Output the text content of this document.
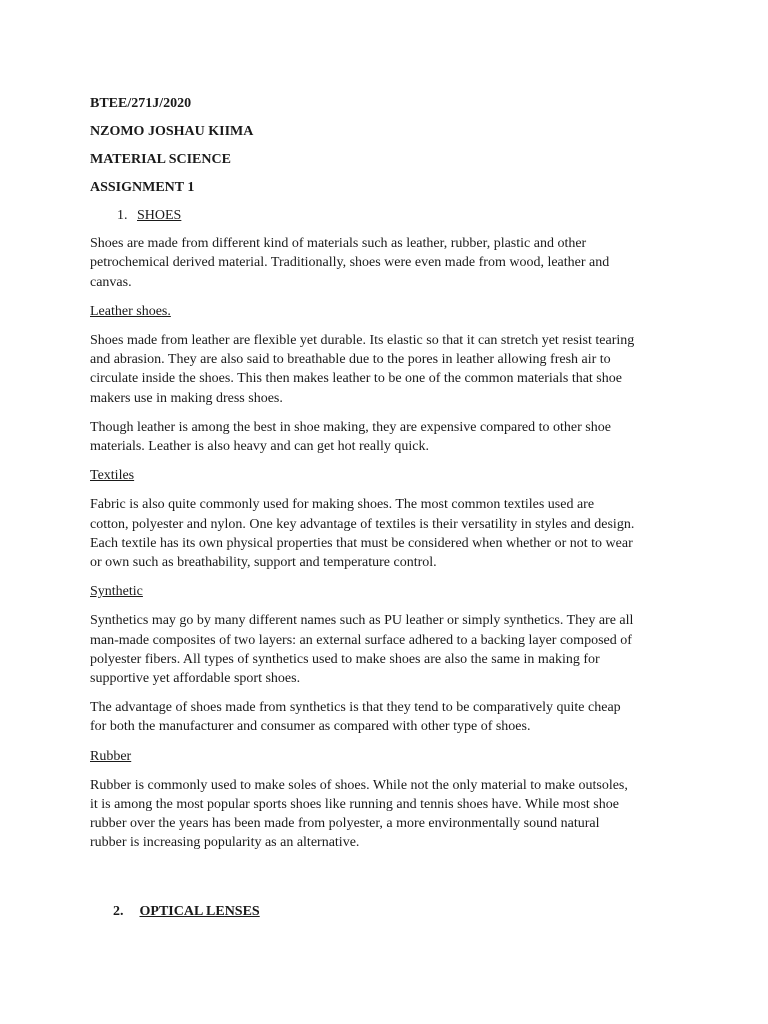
BTEE/271J/2020
NZOMO JOSHAU KIIMA
MATERIAL SCIENCE
ASSIGNMENT 1
1. SHOES

Shoes are made from different kind of materials such as leather, rubber, plastic and other
petrochemical derived material. Traditionally, shoes were even made from wood, leather and
canvas.

Leather shoes.

Shoes made from leather are flexible yet durable. Its elastic so that it can stretch yet resist tearing
and abrasion. They are also said to breathable due to the pores in leather allowing fresh air to
circulate inside the shoes. This then makes leather to be one of the common materials that shoe
makers use in making dress shoes.

Though leather is among the best in shoe making, they are expensive compared to other shoe
materials. Leather is also heavy and can get hot really quick.

Textiles

Fabric is also quite commonly used for making shoes. The most common textiles used are
cotton, polyester and nylon. One key advantage of textiles is their versatility in styles and design.
Each textile has its own physical properties that must be considered when whether or not to wear
or own such as breathability, support and temperature control.

Synthetic

Synthetics may go by many different names such as PU leather or simply synthetics. They are all
man-made composites of two layers: an external surface adhered to a backing layer composed of
polyester fibers. All types of synthetics used to make shoes are also the same in making for
supportive yet affordable sport shoes.

The advantage of shoes made from synthetics is that they tend to be comparatively quite cheap
for both the manufacturer and consumer as compared with other type of shoes.

Rubber

Rubber is commonly used to make soles of shoes. While not the only material to make outsoles,
it is among the most popular sports shoes like running and tennis shoes have. While most shoe
rubber over the years has been made from polyester, a more environmentally sound natural
rubber is increasing popularity as an alternative.

2. OPTICAL LENSES
